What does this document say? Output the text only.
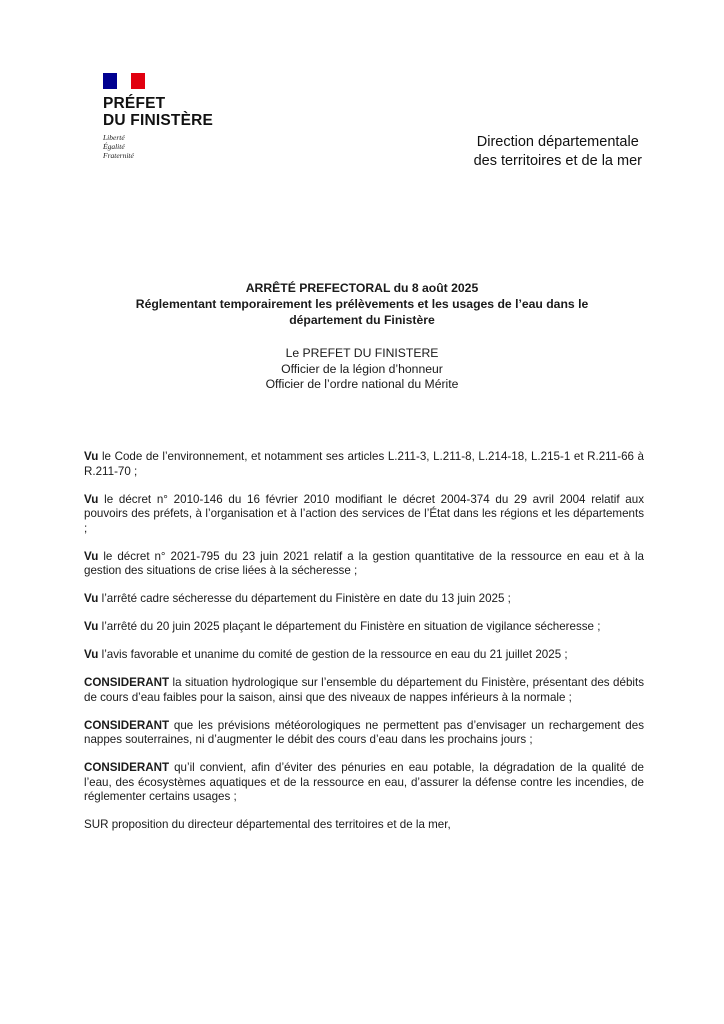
PRÉFET
DU FINISTÈRE
Liberté
Égalité
Fraternité
Direction départementale
des territoires et de la mer
ARRÊTÉ PREFECTORAL du 8 août 2025
Réglementant temporairement les prélèvements et les usages de l’eau dans le
département du Finistère
Le PREFET DU FINISTERE
Officier de la légion d’honneur
Officier de l’ordre national du Mérite

Vu le Code de l’environnement, et notamment ses articles L.211-3, L.211-8, L.214-18, L.215-1 et R.211-66 à R.211-70 ;

Vu le décret n° 2010-146 du 16 février 2010 modifiant le décret 2004-374 du 29 avril 2004 relatif aux pouvoirs des préfets, à l’organisation et à l’action des services de l’État dans les régions et les départements ;

Vu le décret n° 2021-795 du 23 juin 2021 relatif a la gestion quantitative de la ressource en eau et à la gestion des situations de crise liées à la sécheresse ;

Vu l’arrêté cadre sécheresse du département du Finistère en date du 13 juin 2025 ;

Vu l’arrêté du 20 juin 2025 plaçant le département du Finistère en situation de vigilance sécheresse ;

Vu l’avis favorable et unanime du comité de gestion de la ressource en eau du 21 juillet 2025 ;

CONSIDERANT la situation hydrologique sur l’ensemble du département du Finistère, présentant des débits de cours d’eau faibles pour la saison, ainsi que des niveaux de nappes inférieurs à la normale ;

CONSIDERANT que les prévisions météorologiques ne permettent pas d’envisager un rechargement des nappes souterraines, ni d’augmenter le débit des cours d’eau dans les prochains jours ;

CONSIDERANT qu’il convient, afin d’éviter des pénuries en eau potable, la dégradation de la qualité de l’eau, des écosystèmes aquatiques et de la ressource en eau, d’assurer la défense contre les incendies, de réglementer certains usages ;

SUR proposition du directeur départemental des territoires et de la mer,
